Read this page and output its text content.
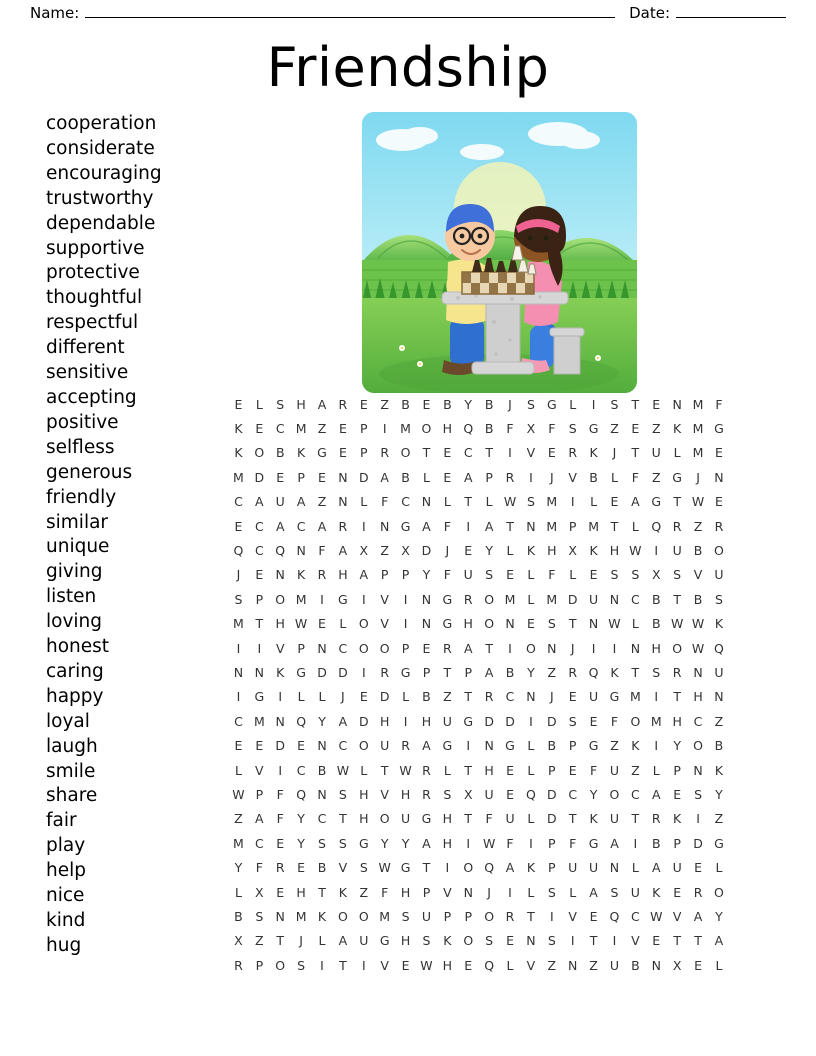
Name:	Date:
Friendship
cooperation
considerate
encouraging
trustworthy
dependable
supportive
protective
thoughtful
respectful
different
sensitive
accepting
positive
selfless
generous
friendly
similar
unique
giving
listen
loving
honest
caring
happy
loyal
laugh
smile
share
fair
play
help
nice
kind
hug
E	L	S H A R	E	Z B	E	B	Y	B	J	S G	L	I	S	T	E N M F
K	E	C M Z	E	P	I	M O H Q B	F	X	F	S G Z	E	Z	K M G
K O B	K G E	P	R O T	E	C	T	I	V	E	R K	J	T U	L M E
M D E	P	E N D A B	L	E	A	P	R	I	J	V B	L	F	Z G	J	N
C A U A Z N	L	F	C N	L	T	L W S M	I	L	E	A G T W E
E	C A C A R	I	N G A	F	I	A	T N M P M T	L Q R Z R
Q C Q N	F	A X Z X D	J	E	Y	L	K H X	K H W	I	U B O
J	E N K R H A	P	P	Y	F	U S	E	L	F	L	E	S	S	X	S	V U
S	P O M	I	G	I	V	I	N G R O M L M D U N C B	T	B	S
M T H W E	L O V	I	N G H O N E	S	T N W L	B W W K
I	I	V	P N C O O P	E	R A	T	I	O N	J	I	I	N H O W Q
N N K G D D	I	R G P	T	P	A B	Y	Z R Q K	T	S	R N U
I	G	I	L	L	J	E D	L	B Z	T	R C N	J	E U G M	I	T H N
C M N Q Y	A D H	I	H U G D D	I	D S	E	F O M H C Z
E	E D E N C O U R A G	I	N G	L	B	P G Z	K	I	Y O B
L	V	I	C B W L	T W R	L	T H E	L	P	E	F	U Z	L	P N K
W P	F Q N S H V H R	S	X U E Q D C	Y O C A	E	S	Y
Z A	F	Y	C	T H O U G H T	F	U	L	D T	K U	T	R K	I	Z
M C	E	Y	S	S G Y	Y	A H	I	W F	I	P	F G A	I	B	P D G
Y	F	R	E	B V	S W G T	I	O Q A	K	P	U U N	L	A U E	L
L	X	E H T	K	Z	F	H P	V N	J	I	L	S	L	A	S U K	E	R O
B	S N M K O O M S U	P	P O R	T	I	V	E Q C W V A	Y
X Z	T	J	L	A U G H S	K O S	E N S	I	T	I	V	E	T	T	A
R	P O S	I	T	I	V	E W H E Q L	V Z N Z U B N X	E	L
